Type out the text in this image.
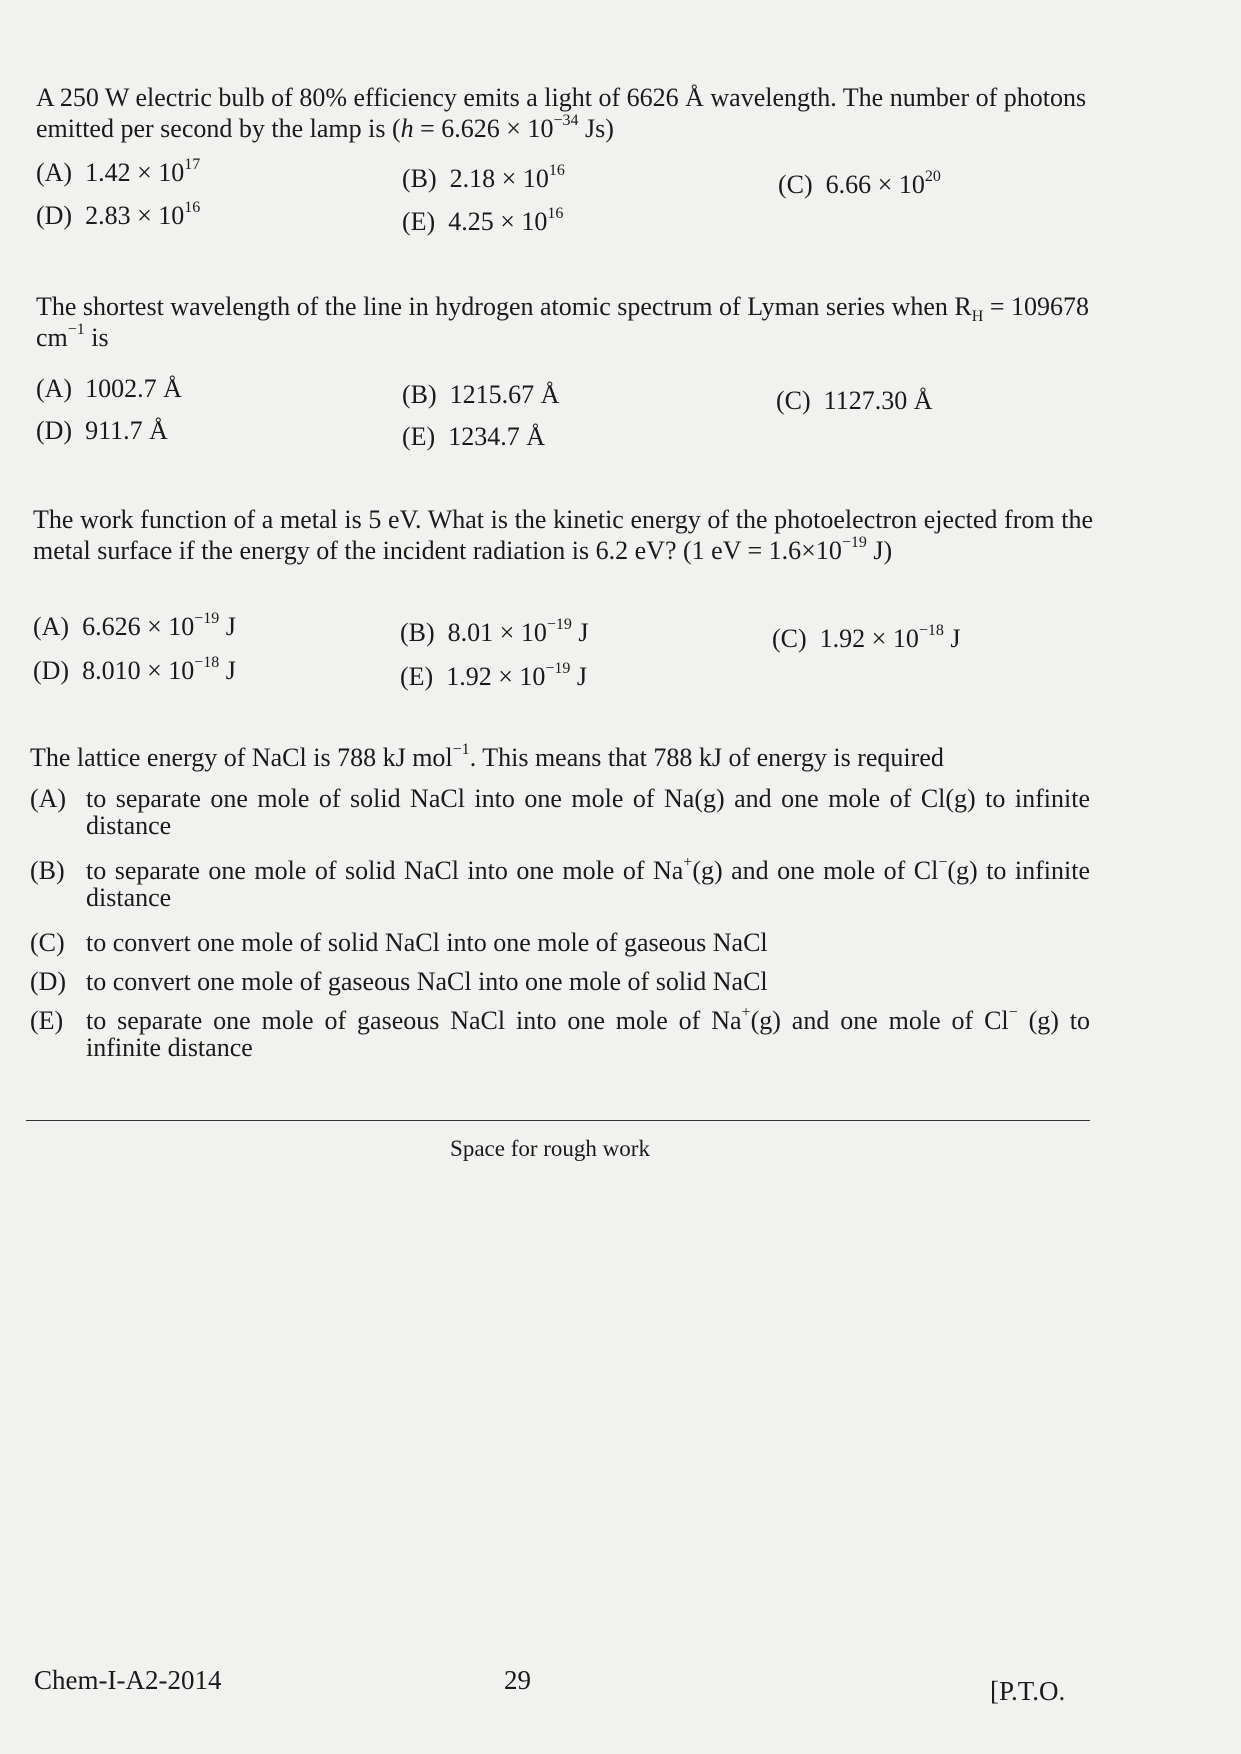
A 250 W electric bulb of 80% efficiency emits a light of 6626 Å wavelength. The number of photons emitted per second by the lamp is ($h = 6.626 \times 10^{-34}$ Js)

(A) $1.42 \times 10^{17}$	(B) $2.18 \times 10^{16}$	(C) $6.66 \times 10^{20}$
(D) $2.83 \times 10^{16}$	(E) $4.25 \times 10^{16}$

The shortest wavelength of the line in hydrogen atomic spectrum of Lyman series when $R_H = 109678$ $cm^{-1}$ is

(A) 1002.7 Å	(B) 1215.67 Å	(C) 1127.30 Å
(D) 911.7 Å	(E) 1234.7 Å

The work function of a metal is 5 eV. What is the kinetic energy of the photoelectron ejected from the metal surface if the energy of the incident radiation is 6.2 eV? (1 eV = $1.6\times 10^{-19}$ J)

(A) $6.626 \times 10^{-19}$ J	(B) $8.01 \times 10^{-19}$ J	(C) $1.92 \times 10^{-18}$ J
(D) $8.010 \times 10^{-18}$ J	(E) $1.92 \times 10^{-19}$ J

The lattice energy of NaCl is 788 kJ mol$^{-1}$. This means that 788 kJ of energy is required

(A) to separate one mole of solid NaCl into one mole of Na(g) and one mole of Cl(g) to infinite distance
(B) to separate one mole of solid NaCl into one mole of Na+(g) and one mole of Cl−(g) to infinite distance
(C) to convert one mole of solid NaCl into one mole of gaseous NaCl
(D) to convert one mole of gaseous NaCl into one mole of solid NaCl
(E) to separate one mole of gaseous NaCl into one mole of Na+(g) and one mole of Cl− (g) to infinite distance
Space for rough work
Chem-I-A2-2014	29	[P.T.O.
